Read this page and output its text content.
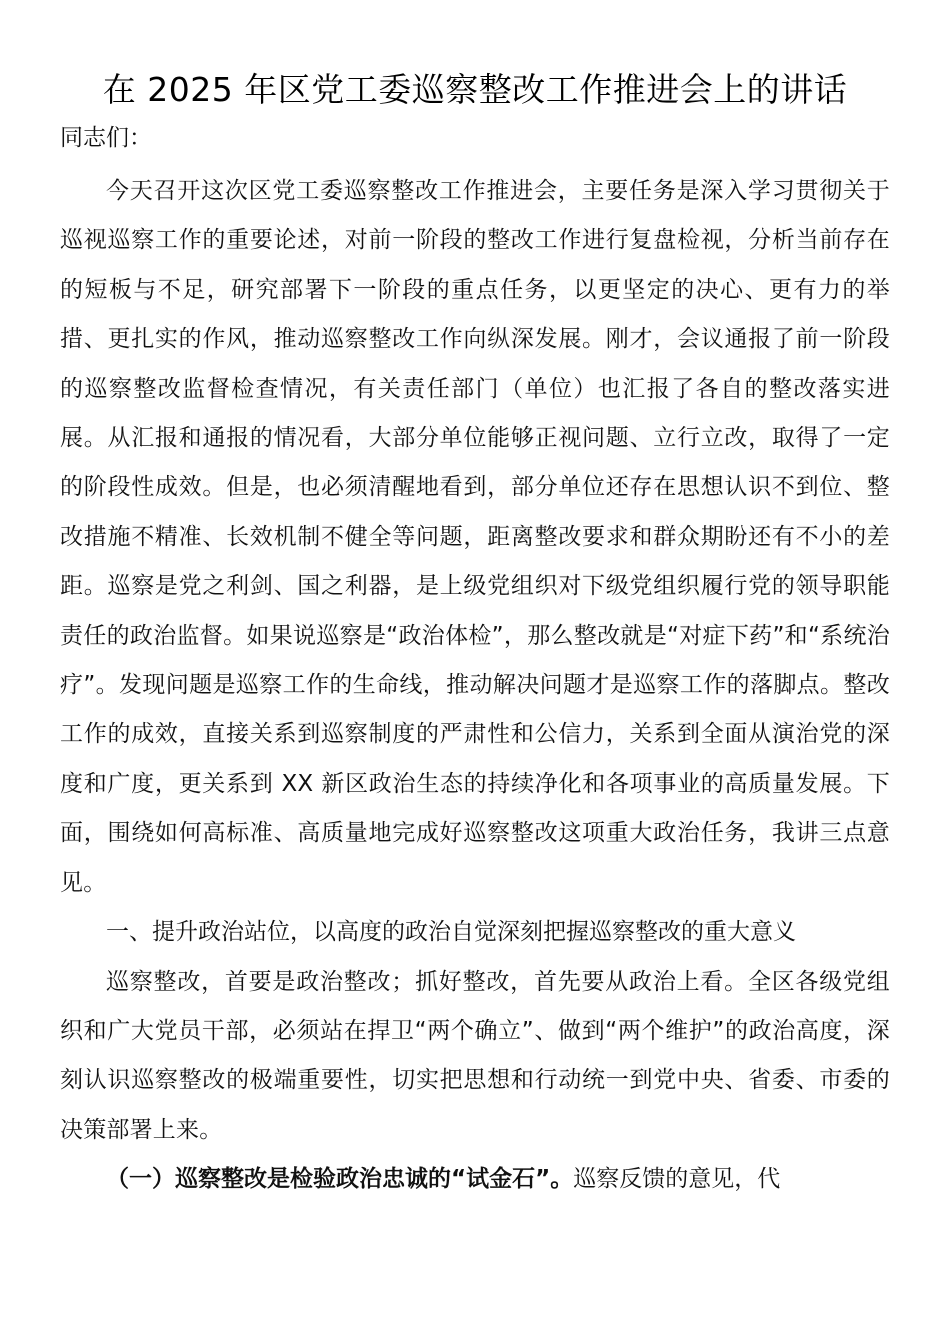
在 2025 年区党工委巡察整改工作推进会上的讲话
同志们：

今天召开这次区党工委巡察整改工作推进会，主要任务是深入学习贯彻关于巡视巡察工作的重要论述，对前一阶段的整改工作进行复盘检视，分析当前存在的短板与不足，研究部署下一阶段的重点任务，以更坚定的决心、更有力的举措、更扎实的作风，推动巡察整改工作向纵深发展。刚才，会议通报了前一阶段的巡察整改监督检查情况，有关责任部门（单位）也汇报了各自的整改落实进展。从汇报和通报的情况看，大部分单位能够正视问题、立行立改，取得了一定的阶段性成效。但是，也必须清醒地看到，部分单位还存在思想认识不到位、整改措施不精准、长效机制不健全等问题，距离整改要求和群众期盼还有不小的差距。巡察是党之利剑、国之利器，是上级党组织对下级党组织履行党的领导职能责任的政治监督。如果说巡察是“政治体检”，那么整改就是“对症下药”和“系统治疗”。发现问题是巡察工作的生命线，推动解决问题才是巡察工作的落脚点。整改工作的成效，直接关系到巡察制度的严肃性和公信力，关系到全面从演治党的深度和广度，更关系到 XX 新区政治生态的持续净化和各项事业的高质量发展。下面，围绕如何高标准、高质量地完成好巡察整改这项重大政治任务，我讲三点意见。

一、提升政治站位，以高度的政治自觉深刻把握巡察整改的重大意义

巡察整改，首要是政治整改；抓好整改，首先要从政治上看。全区各级党组织和广大党员干部，必须站在捍卫“两个确立”、做到“两个维护”的政治高度，深刻认识巡察整改的极端重要性，切实把思想和行动统一到党中央、省委、市委的决策部署上来。

（一）巡察整改是检验政治忠诚的“试金石”。巡察反馈的意见，代
